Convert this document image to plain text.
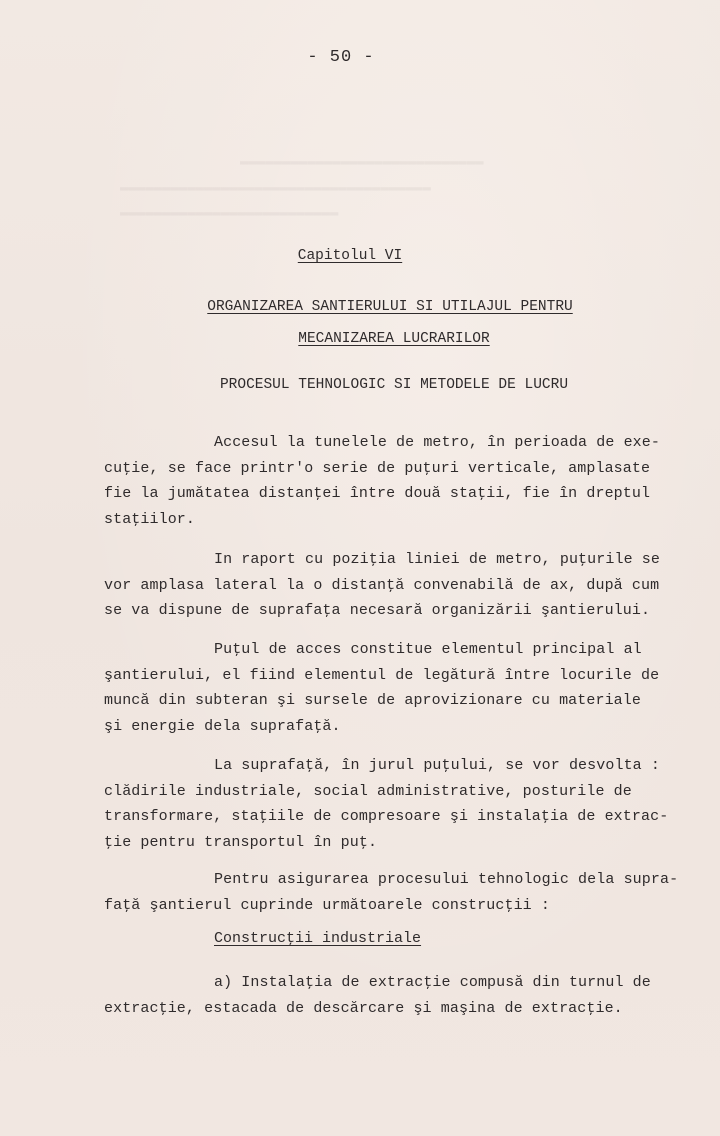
▬▬▬▬▬▬▬▬▬▬▬▬▬▬▬▬▬▬▬▬▬▬▬▬▬▬▬▬▬
▬▬▬▬▬▬▬▬▬▬▬▬▬▬▬▬▬▬▬▬▬▬▬▬▬▬▬▬▬▬▬▬▬▬▬▬▬
▬▬▬▬▬▬▬▬▬▬▬▬▬▬▬▬▬▬▬▬▬▬▬▬▬▬
- 50 -
Capitolul VI
ORGANIZAREA SANTIERULUI SI UTILAJUL PENTRU
MECANIZAREA LUCRARILOR
PROCESUL TEHNOLOGIC SI METODELE DE LUCRU
Accesul la tunelele de metro, în perioada de exe-
cuţie, se face printr'o serie de puţuri verticale, amplasate
fie la jumătatea distanţei între două staţii, fie în dreptul
staţiilor.
In raport cu poziţia liniei de metro, puţurile se
vor amplasa lateral la o distanţă convenabilă de ax, după cum
se va dispune de suprafaţa necesară organizării şantierului.
Puţul de acces constitue elementul principal al
şantierului, el fiind elementul de legătură între locurile de
muncă din subteran şi sursele de aprovizionare cu materiale
şi energie dela suprafaţă.
La suprafaţă, în jurul puţului, se vor desvolta :
clădirile industriale, social administrative, posturile de
transformare, staţiile de compresoare şi instalaţia de extrac-
ţie pentru transportul în puţ.
Pentru asigurarea procesului tehnologic dela supra-
faţă şantierul cuprinde următoarele construcţii :
Construcţii industriale
a) Instalaţia de extracţie compusă din turnul de
extracţie, estacada de descărcare şi maşina de extracţie.
